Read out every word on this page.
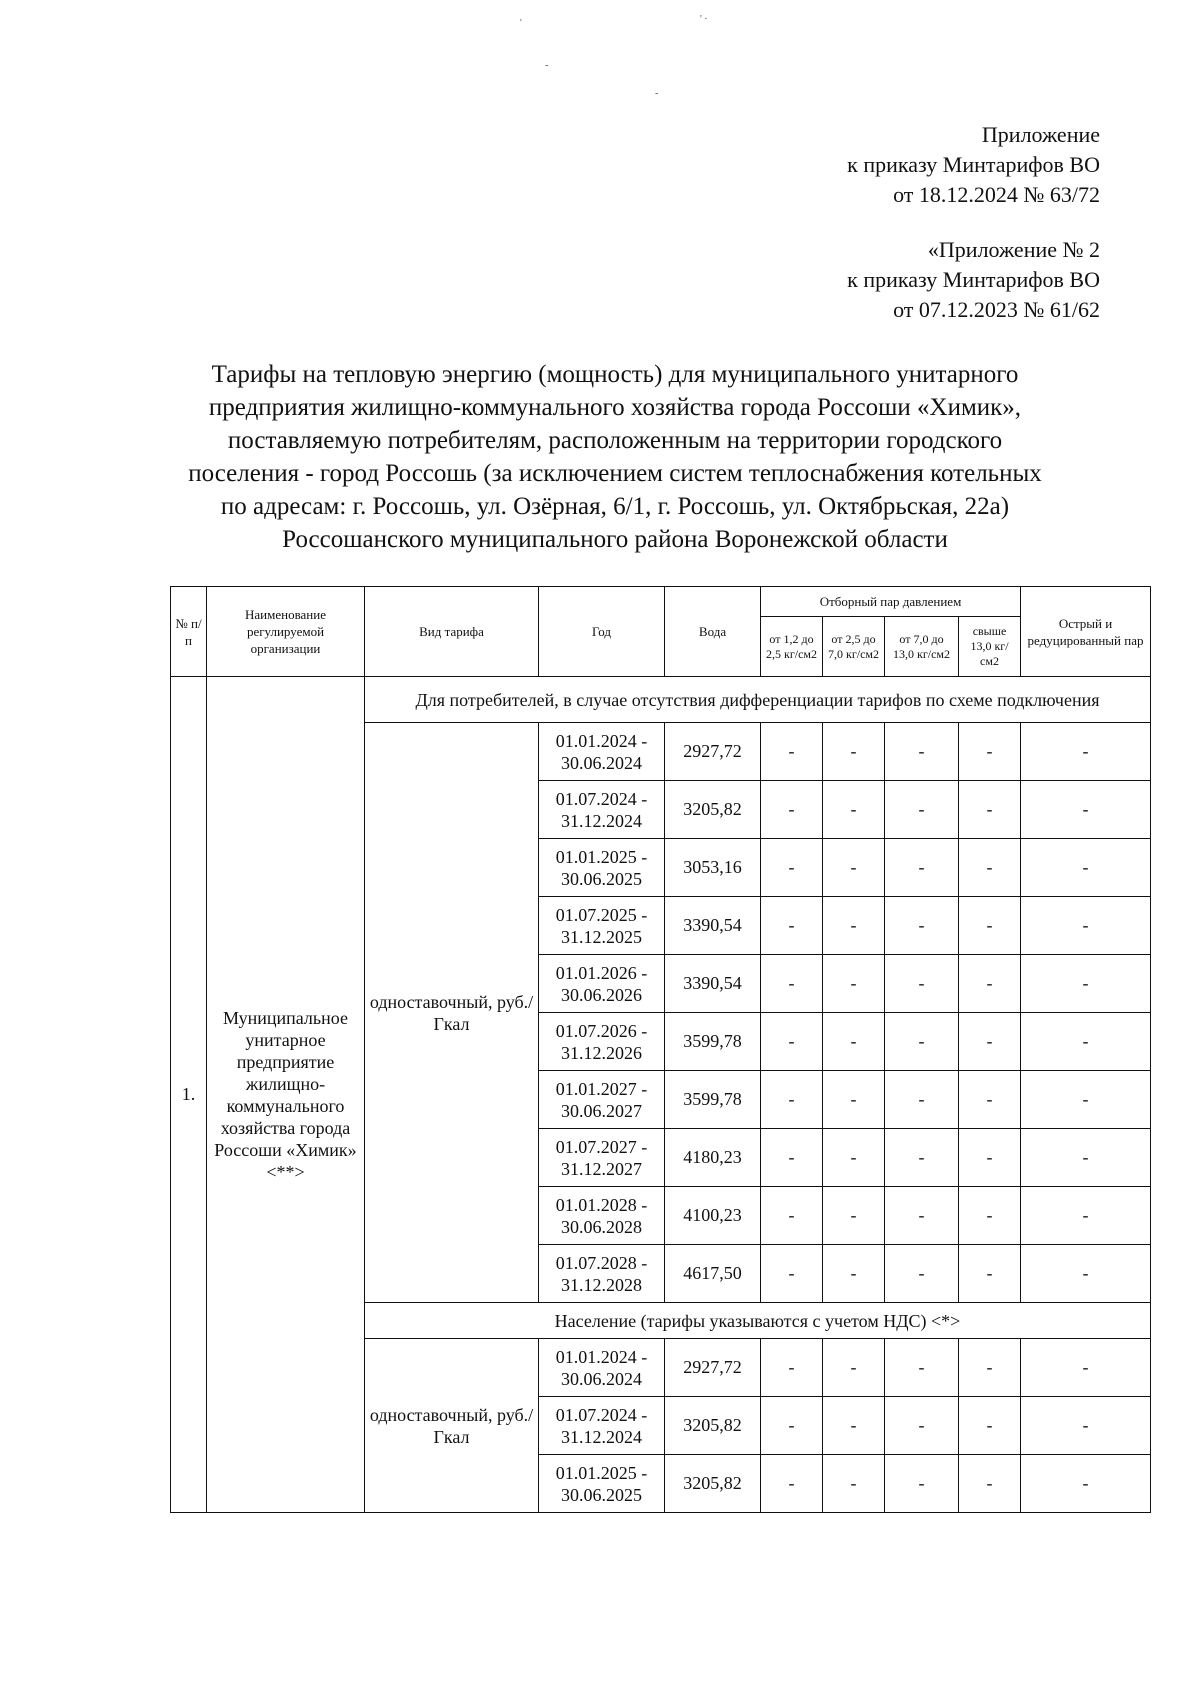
'	' ·
-
-
Приложение
к приказу Минтарифов ВО
от 18.12.2024 № 63/72
«Приложение № 2
к приказу Минтарифов ВО
от 07.12.2023 № 61/62
Тарифы на тепловую энергию (мощность) для муниципального унитарного
предприятия жилищно-коммунального хозяйства города Россоши «Химик»,
поставляемую потребителям, расположенным на территории городского
поселения - город Россошь (за исключением систем теплоснабжения котельных
по адресам: г. Россошь, ул. Озёрная, 6/1, г. Россошь, ул. Октябрьская, 22а)
Россошанского муниципального района Воронежской области
№ п/п	Наименование регулируемой организации	Вид тарифа	Год	Вода	Отборный пар давлением				Острый и редуцированный пар
					от 1,2 до 2,5 кг/см2	от 2,5 до 7,0 кг/см2	от 7,0 до 13,0 кг/см2	свыше 13,0 кг/см2	
1.	Муниципальное унитарное предприятие жилищно-коммунального хозяйства города Россоши «Химик» <**>	Для потребителей, в случае отсутствия дифференциации тарифов по схеме подключения							
		одноставочный, руб./Гкал	01.01.2024 - 30.06.2024	2927,72	-	-	-	-	-
			01.07.2024 - 31.12.2024	3205,82	-	-	-	-	-
			01.01.2025 - 30.06.2025	3053,16	-	-	-	-	-
			01.07.2025 - 31.12.2025	3390,54	-	-	-	-	-
			01.01.2026 - 30.06.2026	3390,54	-	-	-	-	-
			01.07.2026 - 31.12.2026	3599,78	-	-	-	-	-
			01.01.2027 - 30.06.2027	3599,78	-	-	-	-	-
			01.07.2027 - 31.12.2027	4180,23	-	-	-	-	-
			01.01.2028 - 30.06.2028	4100,23	-	-	-	-	-
			01.07.2028 - 31.12.2028	4617,50	-	-	-	-	-
		Население (тарифы указываются с учетом НДС) <*>							
		одноставочный, руб./Гкал	01.01.2024 - 30.06.2024	2927,72	-	-	-	-	-
			01.07.2024 - 31.12.2024	3205,82	-	-	-	-	-
			01.01.2025 - 30.06.2025	3205,82	-	-	-	-	-
